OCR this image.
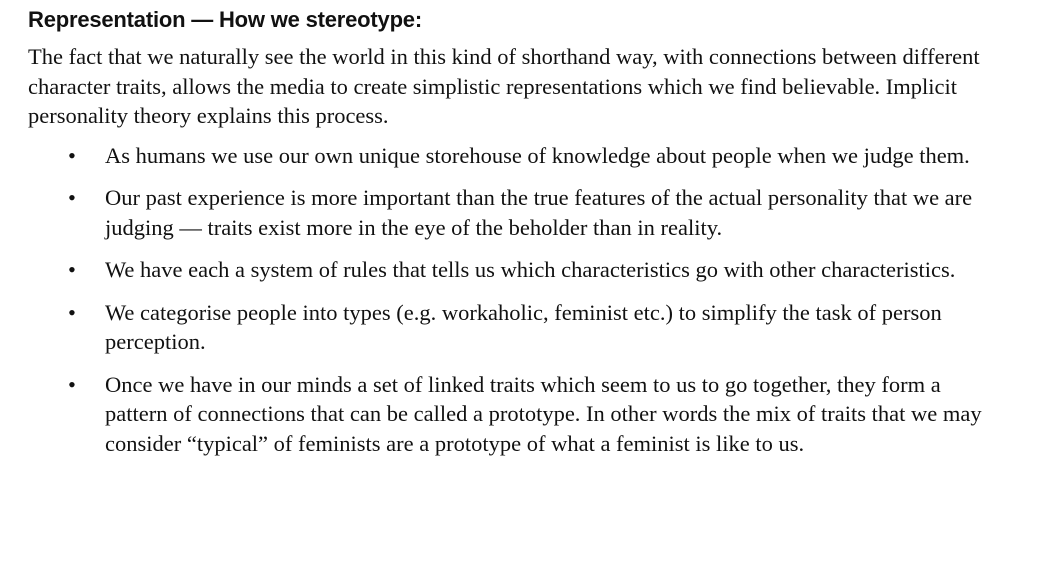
Representation — How we stereotype:

The fact that we naturally see the world in this kind of shorthand way, with connections between different character traits, allows the media to create simplistic representations which we find believable. Implicit personality theory explains this process.

• As humans we use our own unique storehouse of knowledge about people when we judge them.
• Our past experience is more important than the true features of the actual personality that we are judging — traits exist more in the eye of the beholder than in reality.
• We have each a system of rules that tells us which characteristics go with other characteristics.
• We categorise people into types (e.g. workaholic, feminist etc.) to simplify the task of person perception.
• Once we have in our minds a set of linked traits which seem to us to go together, they form a pattern of connections that can be called a prototype. In other words the mix of traits that we may consider “typical” of feminists are a prototype of what a feminist is like to us.
